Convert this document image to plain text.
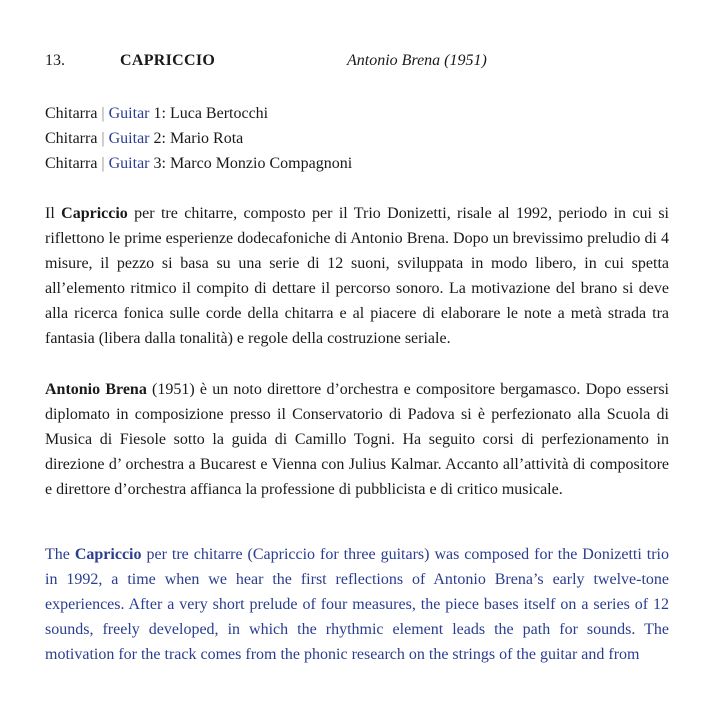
13.	CAPRICCIO	Antonio Brena (1951)
Chitarra | Guitar 1: Luca Bertocchi
Chitarra | Guitar 2: Mario Rota
Chitarra | Guitar 3: Marco Monzio Compagnoni

Il Capriccio per tre chitarre, composto per il Trio Donizetti, risale al 1992, periodo in cui si riflettono le prime esperienze dodecafoniche di Antonio Brena. Dopo un brevissimo preludio di 4 misure, il pezzo si basa su una serie di 12 suoni, sviluppata in modo libero, in cui spetta all’elemento ritmico il compito di dettare il percorso sonoro. La motivazione del brano si deve alla ricerca fonica sulle corde della chitarra e al piacere di elaborare le note a metà strada tra fantasia (libera dalla tonalità) e regole della costruzione seriale.

Antonio Brena (1951) è un noto direttore d’orchestra e compositore bergamasco. Dopo essersi diplomato in composizione presso il Conservatorio di Padova si è perfezionato alla Scuola di Musica di Fiesole sotto la guida di Camillo Togni. Ha seguito corsi di perfezionamento in direzione d’ orchestra a Bucarest e Vienna con Julius Kalmar. Accanto all’attività di compositore e direttore d’orchestra affianca la professione di pubblicista e di critico musicale.

The Capriccio per tre chitarre (Capriccio for three guitars) was composed for the Donizetti trio in 1992, a time when we hear the first reflections of Antonio Brena’s early twelve-tone experiences. After a very short prelude of four measures, the piece bases itself on a series of 12 sounds, freely developed, in which the rhythmic element leads the path for sounds. The motivation for the track comes from the phonic research on the strings of the guitar and from
